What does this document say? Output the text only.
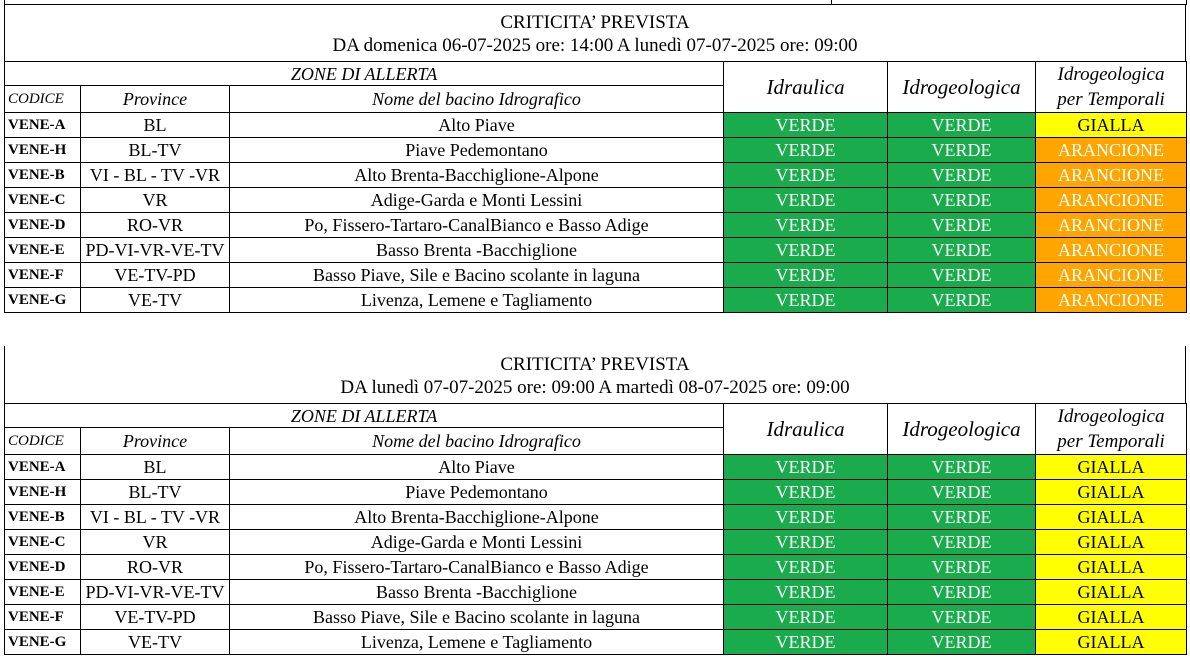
CRITICITA’ PREVISTA
DA domenica 06-07-2025 ore: 14:00 A lunedì 07-07-2025 ore: 09:00
ZONE DI ALLERTA			Idraulica	Idrogeologica	Idrogeologica
per Temporali

CODICE	Province	Nome del bacino Idrografico			
VENE-A	BL	Alto Piave	VERDE	VERDE	GIALLA
VENE-H	BL-TV	Piave Pedemontano	VERDE	VERDE	ARANCIONE
VENE-B	VI - BL - TV -VR	Alto Brenta-Bacchiglione-Alpone	VERDE	VERDE	ARANCIONE
VENE-C	VR	Adige-Garda e Monti Lessini	VERDE	VERDE	ARANCIONE
VENE-D	RO-VR	Po, Fissero-Tartaro-CanalBianco e Basso Adige	VERDE	VERDE	ARANCIONE
VENE-E	PD-VI-VR-VE-TV	Basso Brenta -Bacchiglione	VERDE	VERDE	ARANCIONE
VENE-F	VE-TV-PD	Basso Piave, Sile e Bacino scolante in laguna	VERDE	VERDE	ARANCIONE
VENE-G	VE-TV	Livenza, Lemene e Tagliamento	VERDE	VERDE	ARANCIONE
CRITICITA’ PREVISTA
DA lunedì 07-07-2025 ore: 09:00 A martedì 08-07-2025 ore: 09:00
ZONE DI ALLERTA			Idraulica	Idrogeologica	Idrogeologica
per Temporali

CODICE	Province	Nome del bacino Idrografico			
VENE-A	BL	Alto Piave	VERDE	VERDE	GIALLA
VENE-H	BL-TV	Piave Pedemontano	VERDE	VERDE	GIALLA
VENE-B	VI - BL - TV -VR	Alto Brenta-Bacchiglione-Alpone	VERDE	VERDE	GIALLA
VENE-C	VR	Adige-Garda e Monti Lessini	VERDE	VERDE	GIALLA
VENE-D	RO-VR	Po, Fissero-Tartaro-CanalBianco e Basso Adige	VERDE	VERDE	GIALLA
VENE-E	PD-VI-VR-VE-TV	Basso Brenta -Bacchiglione	VERDE	VERDE	GIALLA
VENE-F	VE-TV-PD	Basso Piave, Sile e Bacino scolante in laguna	VERDE	VERDE	GIALLA
VENE-G	VE-TV	Livenza, Lemene e Tagliamento	VERDE	VERDE	GIALLA
